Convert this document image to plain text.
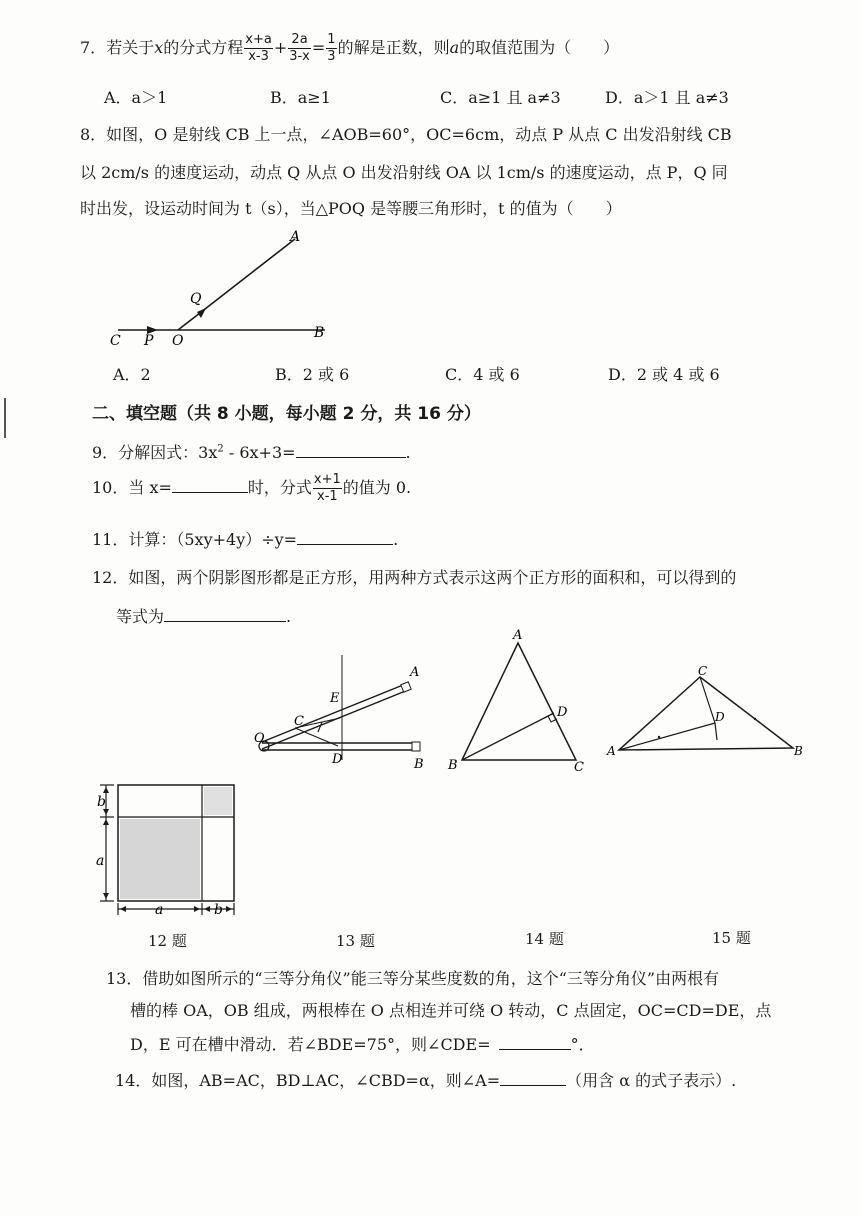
7．若关于x的分式方程 $\frac{x+a}{x-3} + \frac{2a}{3-x} = \frac{1}{3}$ 的解是正数，则a的取值范围为（　　）
A．a＞1	B．a≥1	C．a≥1 且 a≠3	D．a＞1 且 a≠3
8．如图，O 是射线 CB 上一点，∠AOB=60°，OC=6cm，动点 P 从点 C 出发沿射线 CB
以 2cm/s 的速度运动，动点 Q 从点 O 出发沿射线 OA 以 1cm/s 的速度运动，点 P，Q 同
时出发，设运动时间为 t（s），当△POQ 是等腰三角形时，t 的值为（　　）
A
Q
B
C P O
A．2	B．2 或 6	C．4 或 6	D．2 或 4 或 6
二、填空题（共 8 小题，每小题 2 分，共 16 分）
9．分解因式：$3x^2 - 6x+3=$	.
10．当 x=	时，分式 $\frac{x+1}{x-1}$ 的值为 0.
11．计算：（5xy+4y）÷y=	.
12．如图，两个阴影图形都是正方形，用两种方式表示这两个正方形的面积和，可以得到的
等式为	.
b
a
a	b
O
A
B
C
D
E
A
B	C
D
C
A	B
D
12 题	13 题	14 题	15 题
13．借助如图所示的“三等分角仪”能三等分某些度数的角，这个“三等分角仪”由两根有
槽的棒 OA，OB 组成，两根棒在 O 点相连并可绕 O 转动，C 点固定，OC=CD=DE，点
D，E 可在槽中滑动．若∠BDE=75°，则∠CDE=	°．
14．如图，AB=AC，BD⊥AC，∠CBD=α，则∠A=	（用含 α 的式子表示）.
